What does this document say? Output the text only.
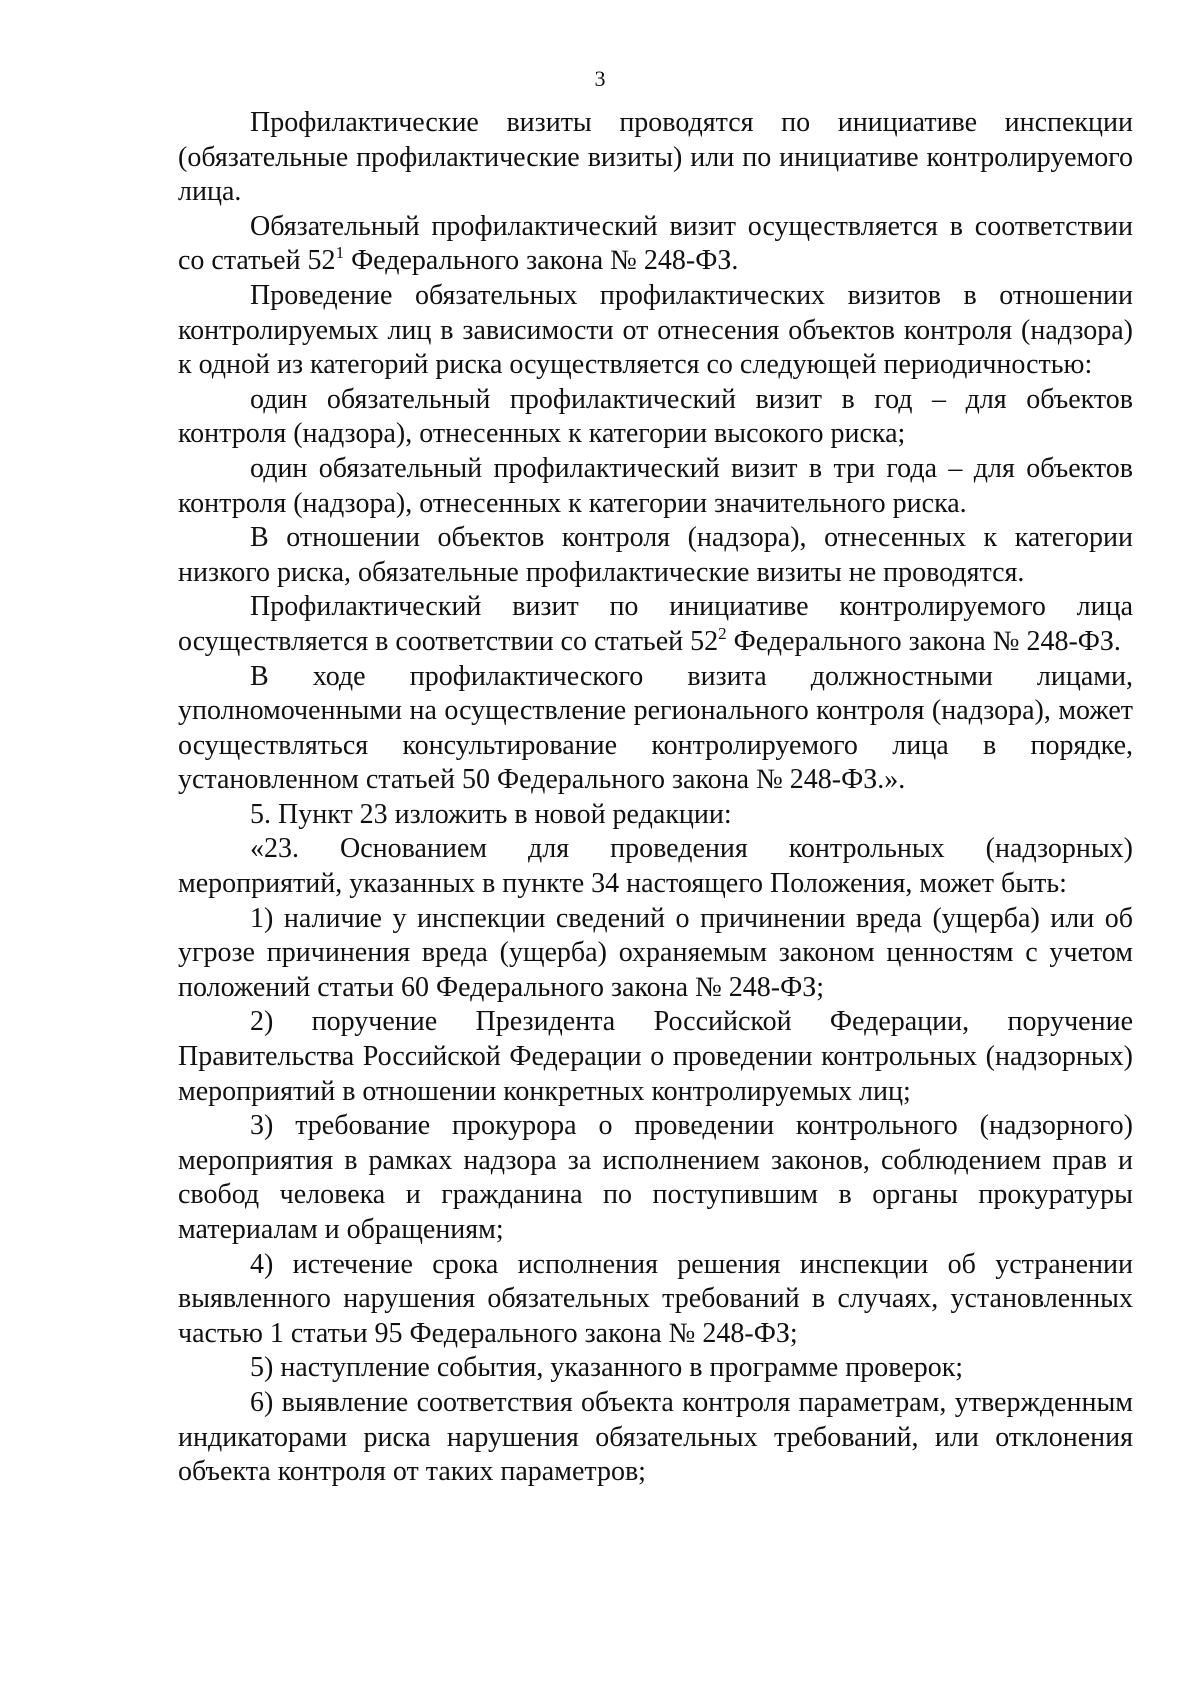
3

Профилактические визиты проводятся по инициативе инспекции (обязательные профилактические визиты) или по инициативе контролируемого лица.

Обязательный профилактический визит осуществляется в соответствии со статьей $52^1$ Федерального закона № 248-ФЗ.

Проведение обязательных профилактических визитов в отношении контролируемых лиц в зависимости от отнесения объектов контроля (надзора) к одной из категорий риска осуществляется со следующей периодичностью:

один обязательный профилактический визит в год – для объектов контроля (надзора), отнесенных к категории высокого риска;

один обязательный профилактический визит в три года – для объектов контроля (надзора), отнесенных к категории значительного риска.

В отношении объектов контроля (надзора), отнесенных к категории низкого риска, обязательные профилактические визиты не проводятся.

Профилактический визит по инициативе контролируемого лица осуществляется в соответствии со статьей $52^2$ Федерального закона № 248-ФЗ.

В ходе профилактического визита должностными лицами, уполномоченными на осуществление регионального контроля (надзора), может осуществляться консультирование контролируемого лица в порядке, установленном статьей 50 Федерального закона № 248-ФЗ.».

5. Пункт 23 изложить в новой редакции:

«23. Основанием для проведения контрольных (надзорных) мероприятий, указанных в пункте 34 настоящего Положения, может быть:

1) наличие у инспекции сведений о причинении вреда (ущерба) или об угрозе причинения вреда (ущерба) охраняемым законом ценностям с учетом положений статьи 60 Федерального закона № 248-ФЗ;

2) поручение Президента Российской Федерации, поручение Правительства Российской Федерации о проведении контрольных (надзорных) мероприятий в отношении конкретных контролируемых лиц;

3) требование прокурора о проведении контрольного (надзорного) мероприятия в рамках надзора за исполнением законов, соблюдением прав и свобод человека и гражданина по поступившим в органы прокуратуры материалам и обращениям;

4) истечение срока исполнения решения инспекции об устранении выявленного нарушения обязательных требований в случаях, установленных частью 1 статьи 95 Федерального закона № 248-ФЗ;

5) наступление события, указанного в программе проверок;

6) выявление соответствия объекта контроля параметрам, утвержденным индикаторами риска нарушения обязательных требований, или отклонения объекта контроля от таких параметров;
